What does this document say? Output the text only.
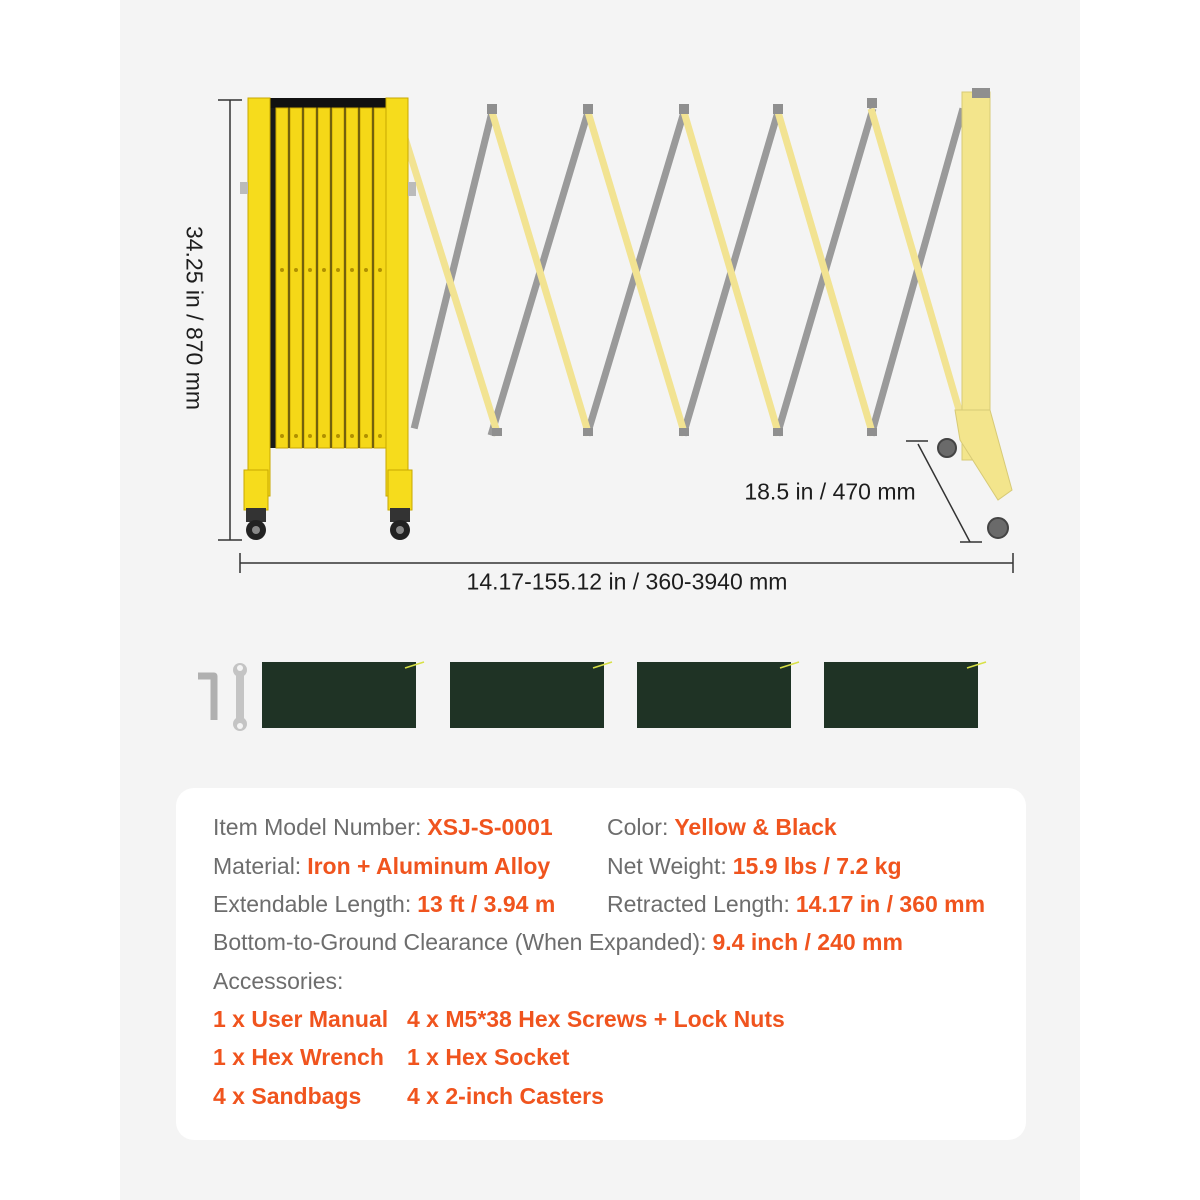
34.25 in / 870 mm
14.17-155.12 in / 360-3940 mm
18.5 in / 470 mm
Item Model Number: XSJ-S-0001 Color: Yellow & Black
Material: Iron + Aluminum Alloy Net Weight: 15.9 lbs / 7.2 kg
Extendable Length: 13 ft / 3.94 m Retracted Length: 14.17 in / 360 mm
Bottom-to-Ground Clearance (When Expanded): 9.4 inch / 240 mm
Accessories:
1 x User Manual 4 x M5*38 Hex Screws + Lock Nuts
1 x Hex Wrench 1 x Hex Socket
4 x Sandbags 4 x 2-inch Casters
